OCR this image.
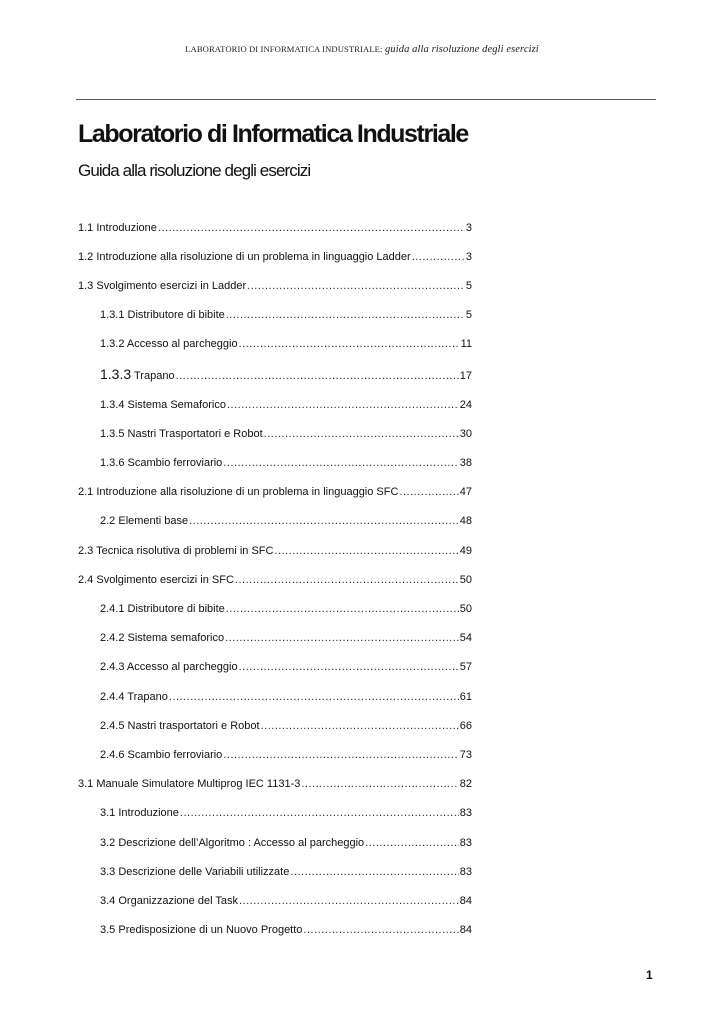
LABORATORIO DI INFORMATICA INDUSTRIALE: guida alla risoluzione degli esercizi
Laboratorio di Informatica Industriale
Guida alla risoluzione degli esercizi
1.1 Introduzione .....	3
1.2 Introduzione alla risoluzione di un problema in linguaggio Ladder .....	3
1.3 Svolgimento esercizi in Ladder .....	5
1.3.1 Distributore di bibite .....	5
1.3.2 Accesso al parcheggio .....	11
1.3.3 Trapano .....	17
1.3.4 Sistema Semaforico .....	24
1.3.5 Nastri Trasportatori e Robot .....	30
1.3.6 Scambio ferroviario .....	38
2.1 Introduzione alla risoluzione di un problema in linguaggio SFC .....	47
2.2 Elementi base .....	48
2.3 Tecnica risolutiva di problemi in SFC .....	49
2.4 Svolgimento esercizi in SFC .....	50
2.4.1 Distributore di bibite .....	50
2.4.2 Sistema semaforico .....	54
2.4.3 Accesso al parcheggio .....	57
2.4.4 Trapano .....	61
2.4.5 Nastri trasportatori e Robot .....	66
2.4.6 Scambio ferroviario .....	73
3.1 Manuale Simulatore Multiprog IEC 1131-3 .....	82
3.1 Introduzione .....	83
3.2 Descrizione dell’Algoritmo : Accesso al parcheggio .....	83
3.3 Descrizione delle Variabili utilizzate .....	83
3.4 Organizzazione del Task .....	84
3.5 Predisposizione di un Nuovo Progetto .....	84
1
